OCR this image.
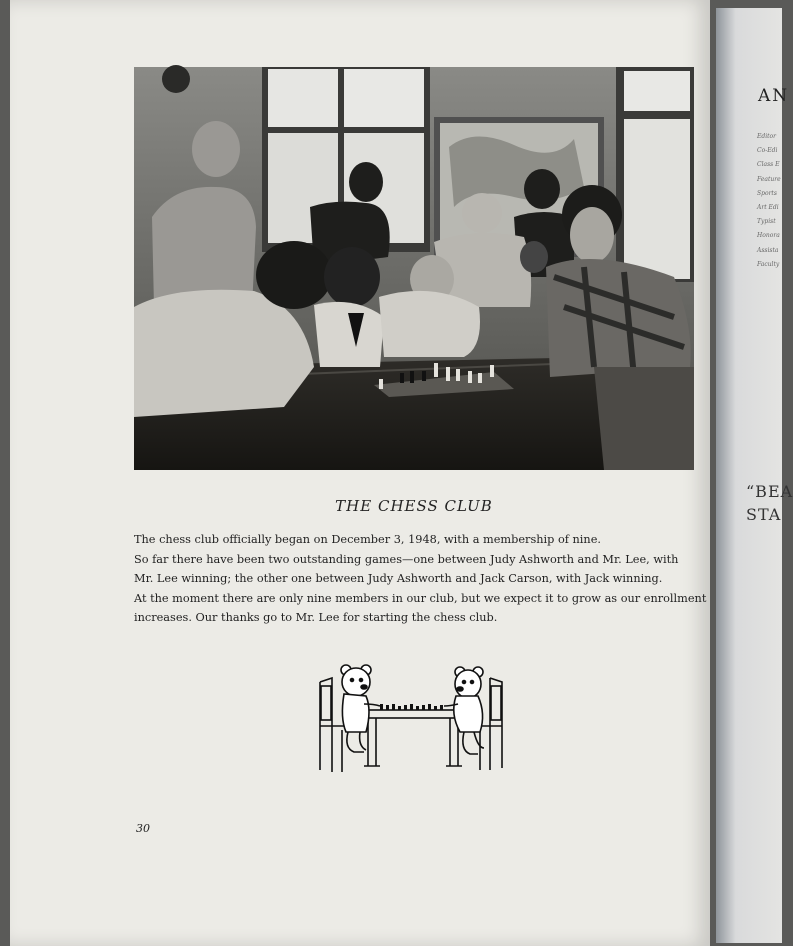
THE CHESS CLUB
The chess club officially began on December 3, 1948, with a membership of nine.
So far there have been two outstanding games—one between Judy Ashworth and Mr. Lee, with
Mr. Lee winning; the other one between Judy Ashworth and Jack Carson, with Jack winning.
At the moment there are only nine members in our club, but we expect it to grow as our enrollment
increases. Our thanks go to Mr. Lee for starting the chess club.
30
AN
Editor
Co-Edi
Class E
Feature
Sports
Art Edi
Typist
Honora
Assista
Faculty
“BEA
STA
